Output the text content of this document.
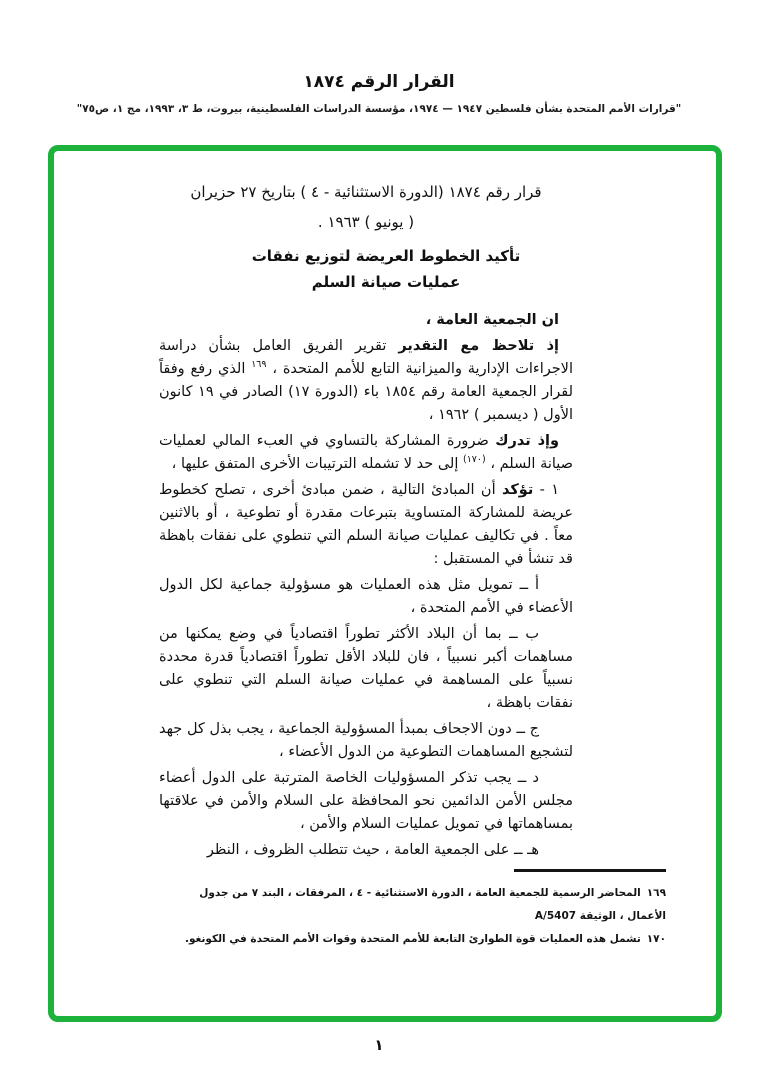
القرار الرقم ١٨٧٤
"قرارات الأمم المتحدة بشأن فلسطين ١٩٤٧ — ١٩٧٤، مؤسسة الدراسات الفلسطينية، بيروت، ط ٣، ١٩٩٣، مج ١، ص٧٥"

قرار رقم ١٨٧٤ (الدورة الاستثنائية - ٤ ) بتاريخ ٢٧ حزيران
( يونيو ) ١٩٦٣ .

تأكيد الخطوط العريضة لتوزيع نفقات
عمليات صيانة السلم

ان الجمعية العامة ،

إذ تلاحظ مع التقدير تقرير الفريق العامل بشأن دراسة الاجراءات الإدارية والميزانية التابع للأمم المتحدة ، $^{١٦٩}$ الذي رفع وفقاً لقرار الجمعية العامة رقم ١٨٥٤ باء (الدورة ١٧) الصادر في ١٩ كانون الأول ( ديسمبر ) ١٩٦٢ ،

وإذ تدرك ضرورة المشاركة بالتساوي في العبء المالي لعمليات صيانة السلم ، $^{(١٧٠)}$ إلى حد لا تشمله الترتيبات الأخرى المتفق عليها ،

١ - تؤكد أن المبادئ التالية ، ضمن مبادئ أخرى ، تصلح كخطوط عريضة للمشاركة المتساوية بتبرعات مقدرة أو تطوعية ، أو بالاثنين معاً . في تكاليف عمليات صيانة السلم التي تنطوي على نفقات باهظة قد تنشأ في المستقبل :

أ ــ تمويل مثل هذه العمليات هو مسؤولية جماعية لكل الدول الأعضاء في الأمم المتحدة ،

ب ــ بما أن البلاد الأكثر تطوراً اقتصادياً في وضع يمكنها من مساهمات أكبر نسبياً ، فان للبلاد الأقل تطوراً اقتصادياً قدرة محددة نسبياً على المساهمة في عمليات صيانة السلم التي تنطوي على نفقات باهظة ،

ج ــ دون الاجحاف بمبدأ المسؤولية الجماعية ، يجب بذل كل جهد لتشجيع المساهمات التطوعية من الدول الأعضاء ،

د ــ يجب تذكر المسؤوليات الخاصة المترتبة على الدول أعضاء مجلس الأمن الدائمين نحو المحافظة على السلام والأمن في علاقتها بمساهماتها في تمويل عمليات السلام والأمن ،

هـ ــ على الجمعية العامة ، حيث تتطلب الظروف ، النظر

١٦٩المحاضر الرسمية للجمعية العامة ، الدورة الاستثنائية - ٤ ، المرفقات ، البند ٧ من جدول الأعمال ، الوثيقة A/5407

١٧٠تشمل هذه العمليات قوة الطوارئ التابعة للأمم المتحدة وقوات الأمم المتحدة في الكونغو.

١
